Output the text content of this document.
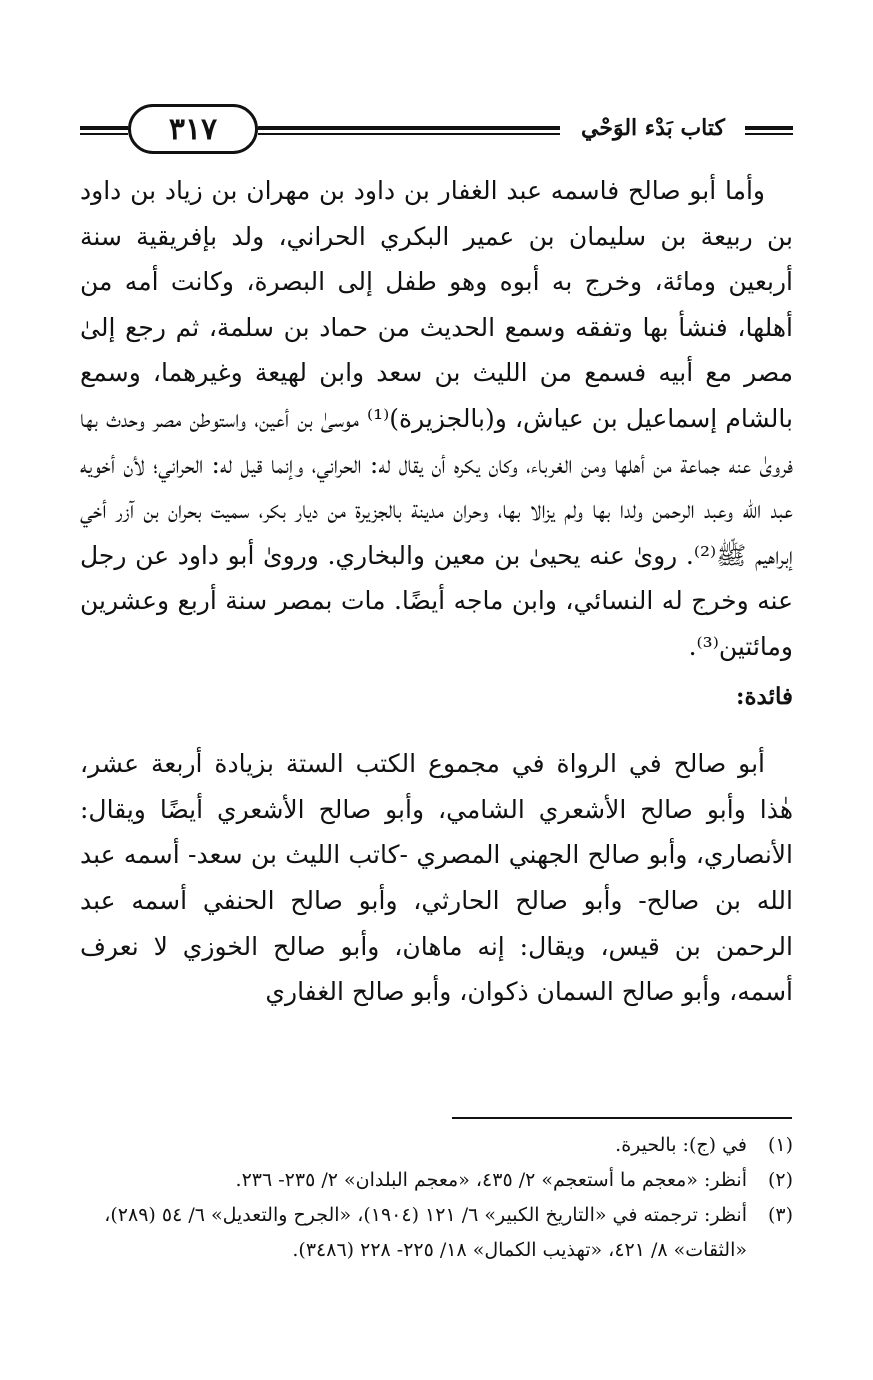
٣١٧	كتاب بَدْء الوَحْي

وأما أبو صالح فاسمه عبد الغفار بن داود بن مهران بن زياد بن داود بن ربيعة بن سليمان بن عمير البكري الحراني، ولد بإفريقية سنة أربعين ومائة، وخرج به أبوه وهو طفل إلى البصرة، وكانت أمه من أهلها، فنشأ بها وتفقه وسمع الحديث من حماد بن سلمة، ثم رجع إلىٰ مصر مع أبيه فسمع من الليث بن سعد وابن لهيعة وغيرهما، وسمع بالشام إسماعيل بن عياش، و(بالجزيرة)⁽¹⁾ موسىٰ بن أعين، واستوطن مصر وحدث بها فروىٰ عنه جماعة من أهلها ومن الغرباء، وكان يكره أن يقال له: الحراني، وإنما قيل له: الحراني؛ لأن أخويه عبد الله وعبد الرحمن ولدا بها ولم يزالا بها، وحران مدينة بالجزيرة من ديار بكر، سميت بحران بن آزر أخي إبراهيم ﷺ⁽²⁾. روىٰ عنه يحيىٰ بن معين والبخاري. وروىٰ أبو داود عن رجل عنه وخرج له النسائي، وابن ماجه أيضًا. مات بمصر سنة أربع وعشرين ومائتين⁽³⁾.

فائدة:

أبو صالح في الرواة في مجموع الكتب الستة بزيادة أربعة عشر، هٰذا وأبو صالح الأشعري الشامي، وأبو صالح الأشعري أيضًا ويقال: الأنصاري، وأبو صالح الجهني المصري -كاتب الليث بن سعد- أسمه عبد الله بن صالح- وأبو صالح الحارثي، وأبو صالح الحنفي أسمه عبد الرحمن بن قيس، ويقال: إنه ماهان، وأبو صالح الخوزي لا نعرف أسمه، وأبو صالح السمان ذكوان، وأبو صالح الغفاري

(١)
في (ج): بالحيرة.
(٢)
أنظر: «معجم ما أستعجم» ٢/ ٤٣٥، «معجم البلدان» ٢/ ٢٣٥- ٢٣٦.
(٣)
أنظر: ترجمته في «التاريخ الكبير» ٦/ ١٢١ (١٩٠٤)، «الجرح والتعديل» ٦/ ٥٤ (٢٨٩)، «الثقات» ٨/ ٤٢١، «تهذيب الكمال» ١٨/ ٢٢٥- ٢٢٨ (٣٤٨٦).
